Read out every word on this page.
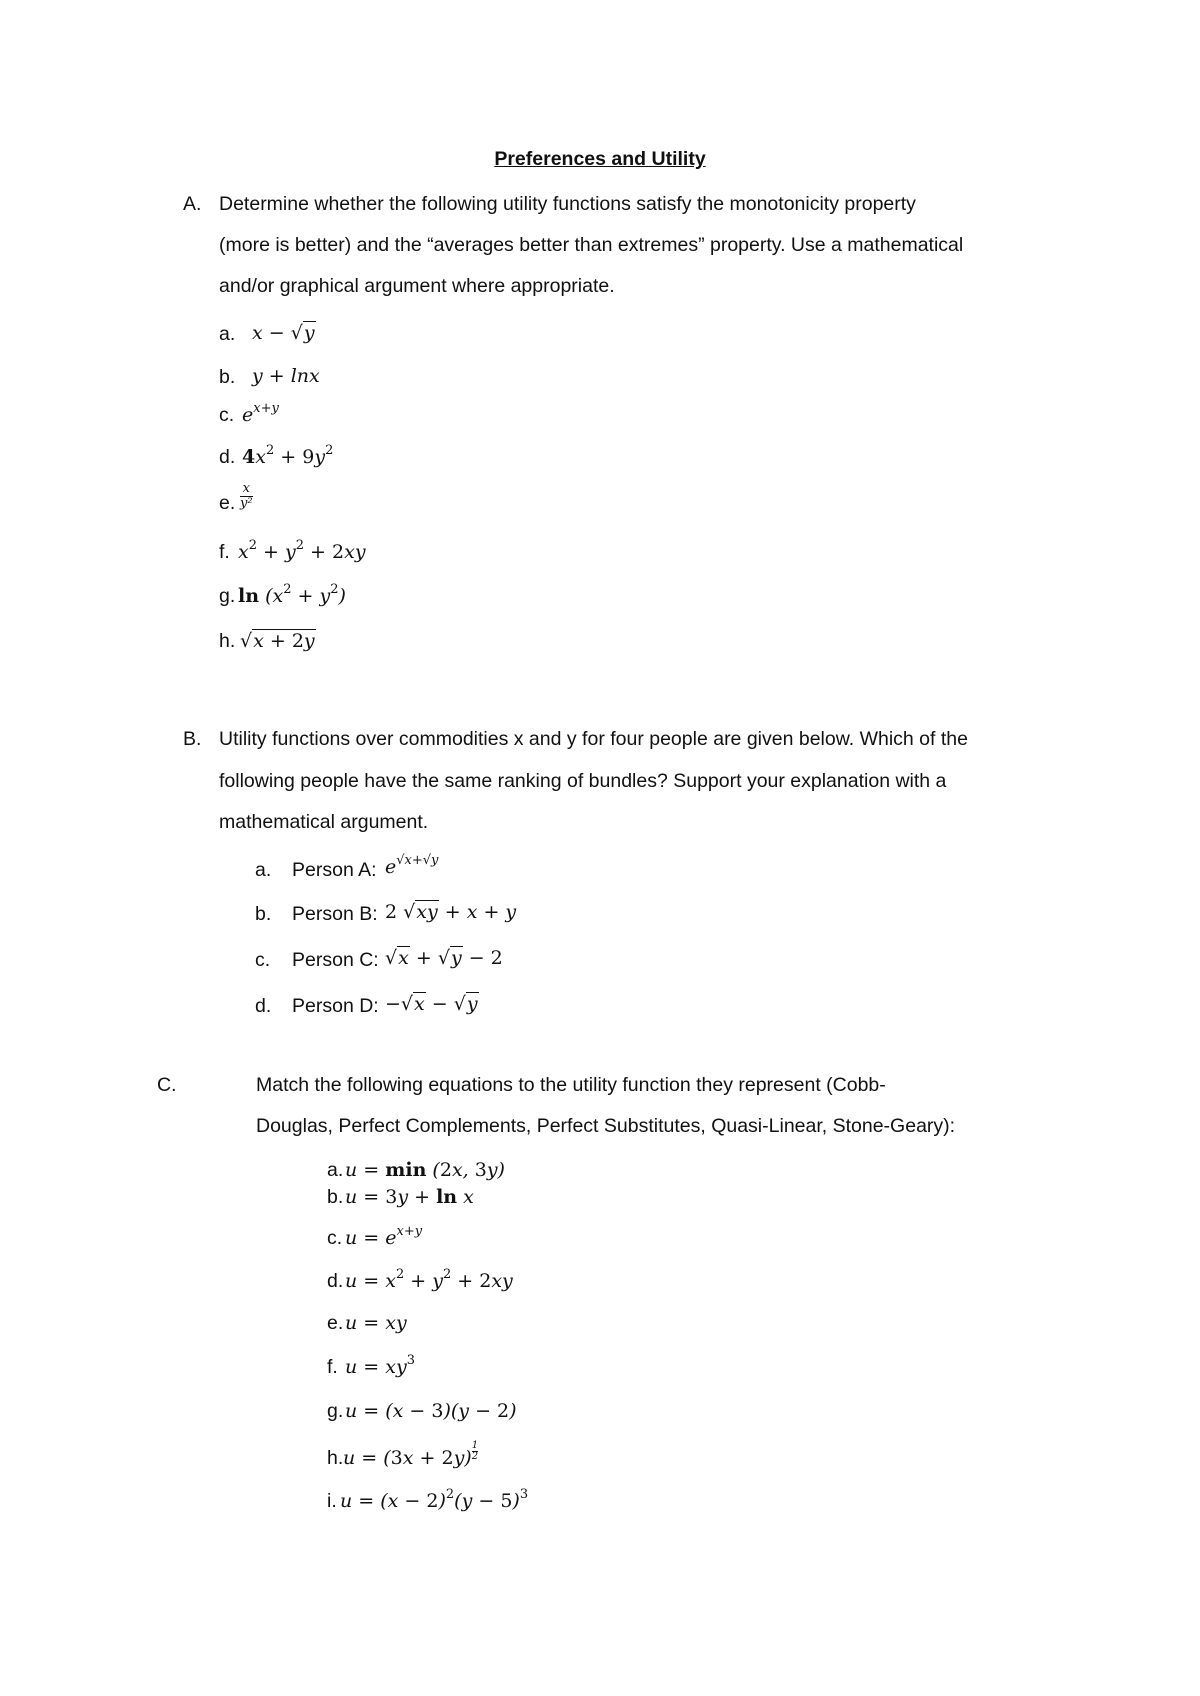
Preferences and Utility
A. Determine whether the following utility functions satisfy the monotonicity property
(more is better) and the “averages better than extremes” property. Use a mathematical
and/or graphical argument where appropriate.
a. x − √y
b. y + lnx
c. $e^{x+y}$
d. $4x^2 + 9y^2$
e. $\frac{x}{\text{y²}}$
f. $x^2 + y^2 + 2xy$
g. $\ln (x^2 + y^2)$
h. √x + 2y
B. Utility functions over commodities x and y for four people are given below. Which of the
following people have the same ranking of bundles? Support your explanation with a
mathematical argument.
a. Person A: $e^{√x+√y}$
b. Person B: 2 √xy + x + y
c. Person C: √x + √y − 2
d. Person D: −√x − √y
C.	Match the following equations to the utility function they represent (Cobb-
Douglas, Perfect Complements, Perfect Substitutes, Quasi-Linear, Stone-Geary):
a. u = min (2x, 3y)
b. u = 3y + ln x
c. $u = e^{x+y}$
d. $u = x^2 + y^2 + 2xy$
e. u = xy
f. $u = xy^3$
g. u = (x − 3)(y − 2)
h. $u = (3x + 2y) \frac{1}{2}$
i. $u = (x - 2)^2(y - 5)^3$
